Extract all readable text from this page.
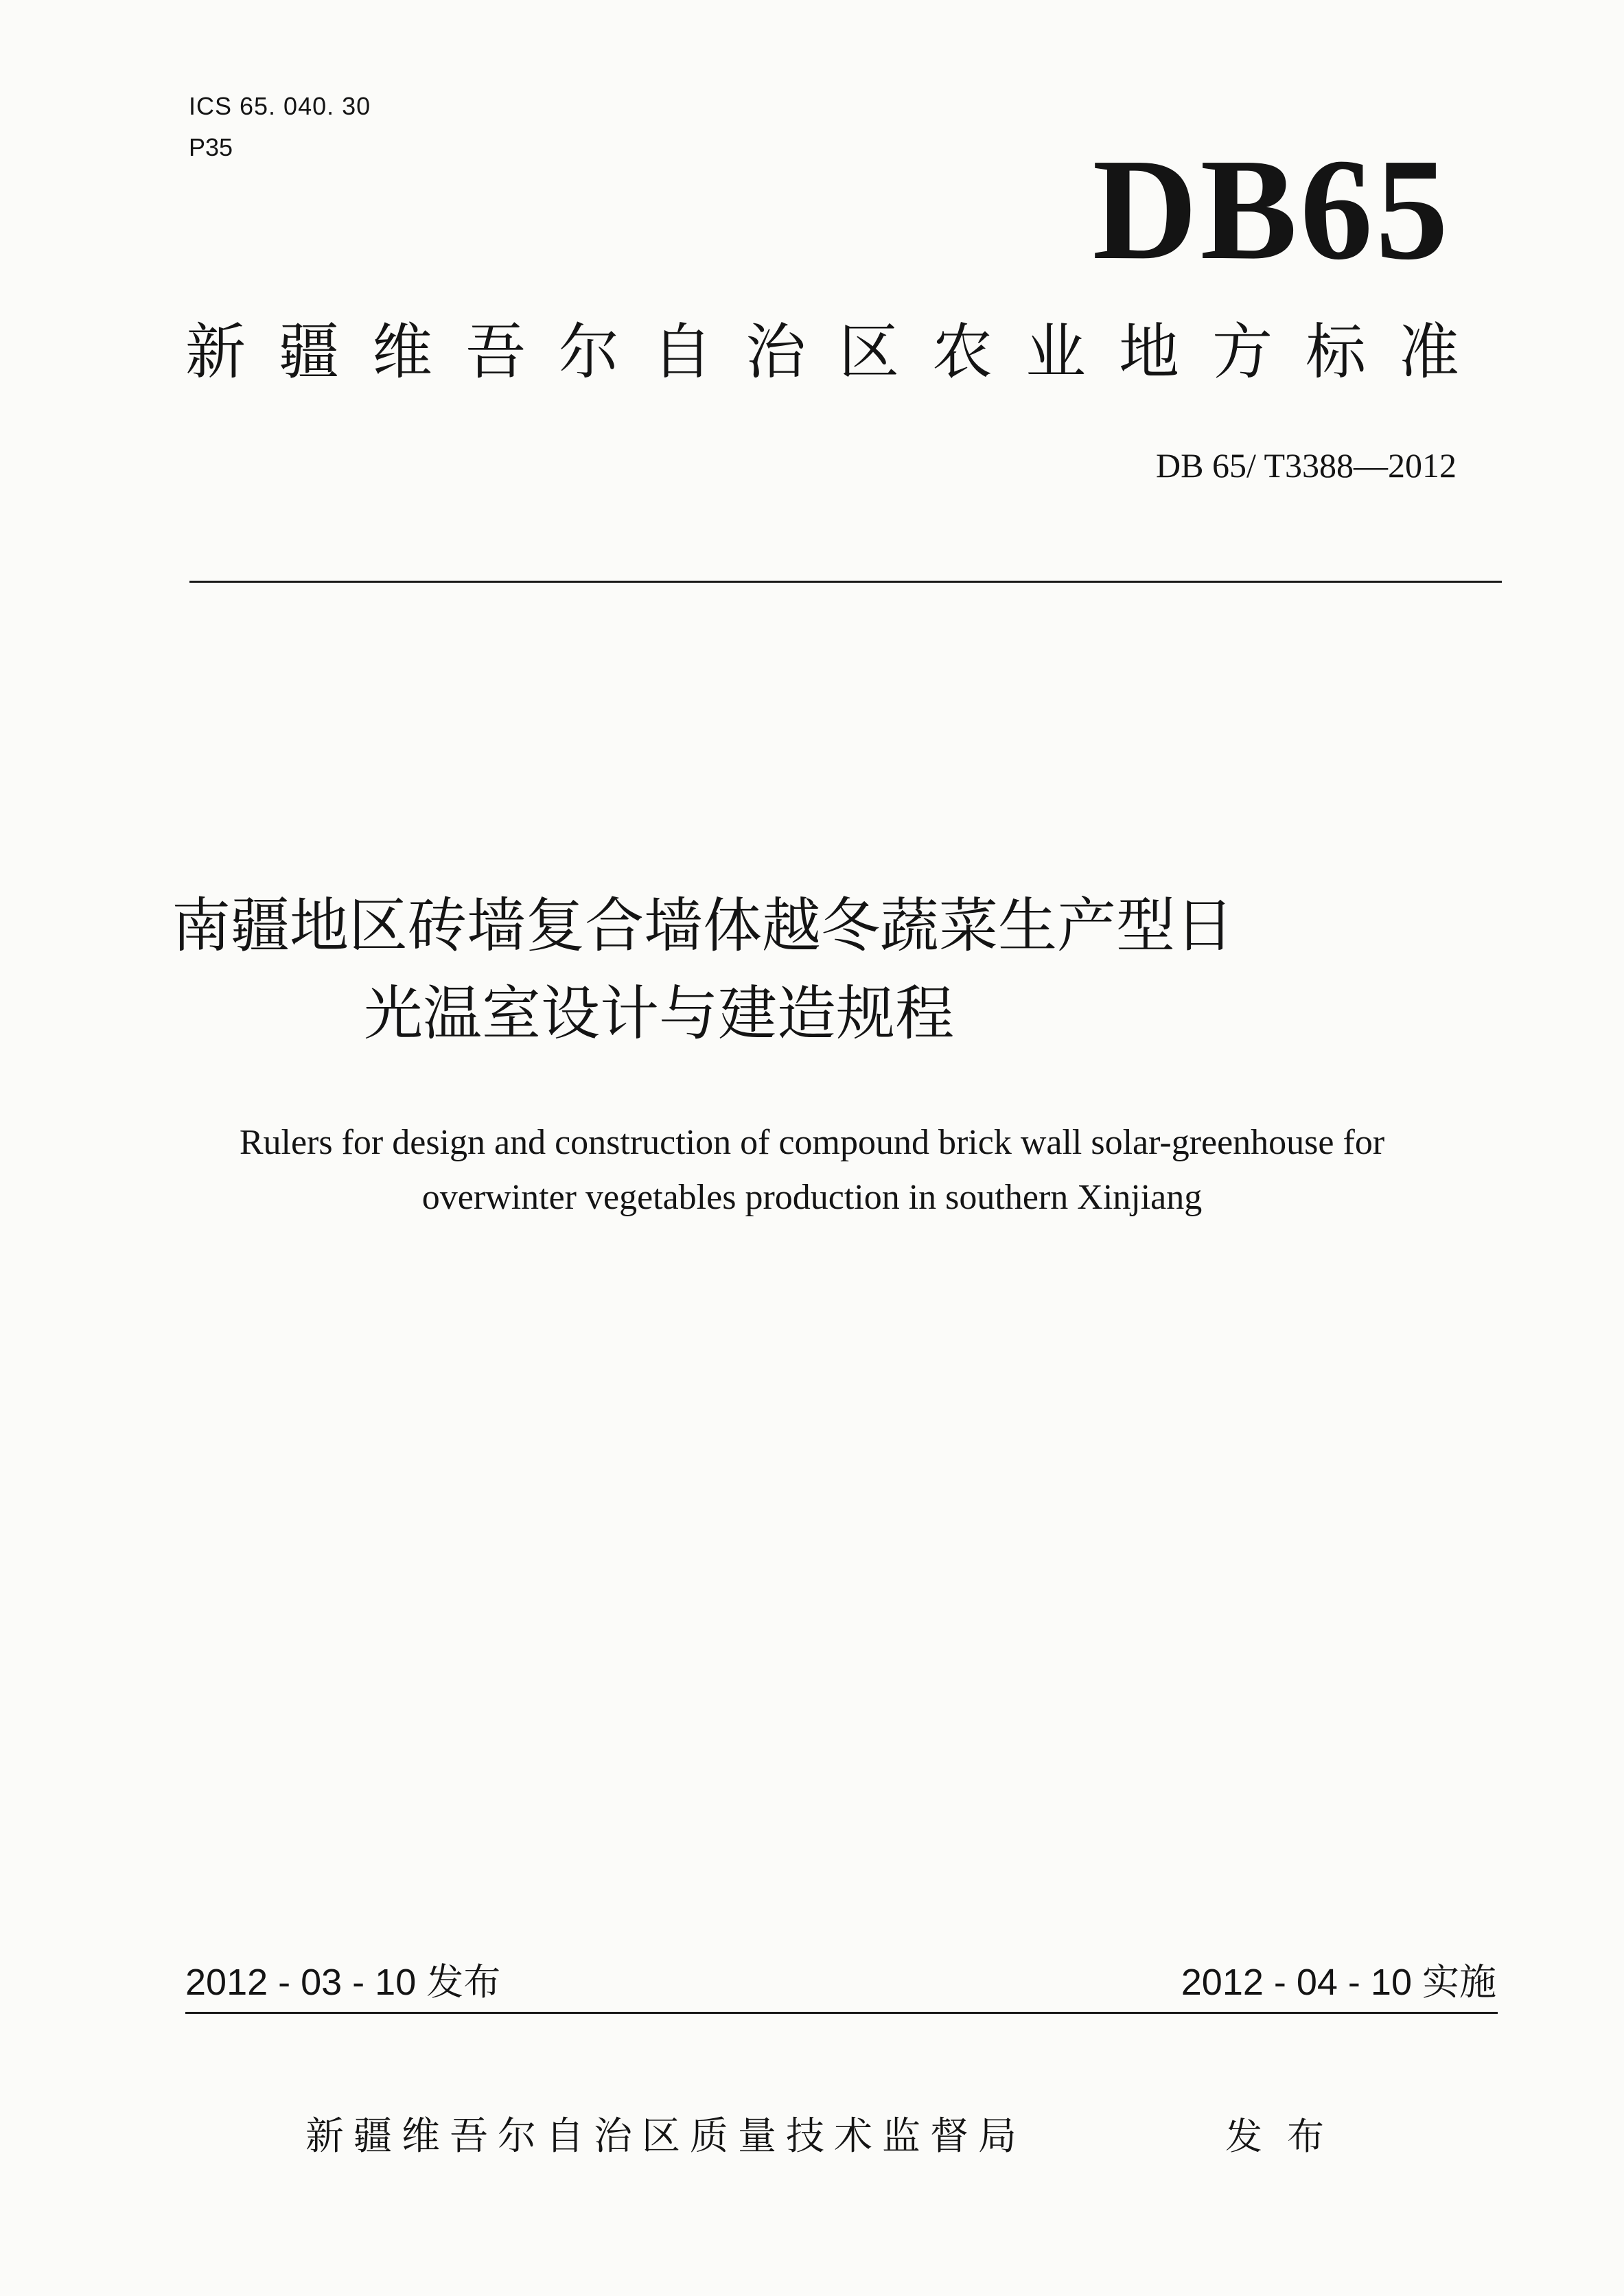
ICS 65. 040. 30
P35	DB65
新疆维吾尔自治区农业地方标准
DB 65/ T3388—2012
南疆地区砖墙复合墙体越冬蔬菜生产型日
光温室设计与建造规程
Rulers for design and construction of compound brick wall solar-greenhouse for
overwinter vegetables production in southern Xinjiang
2012 - 03 - 10 发布	2012 - 04 - 10 实施
新疆维吾尔自治区质量技术监督局	发布
